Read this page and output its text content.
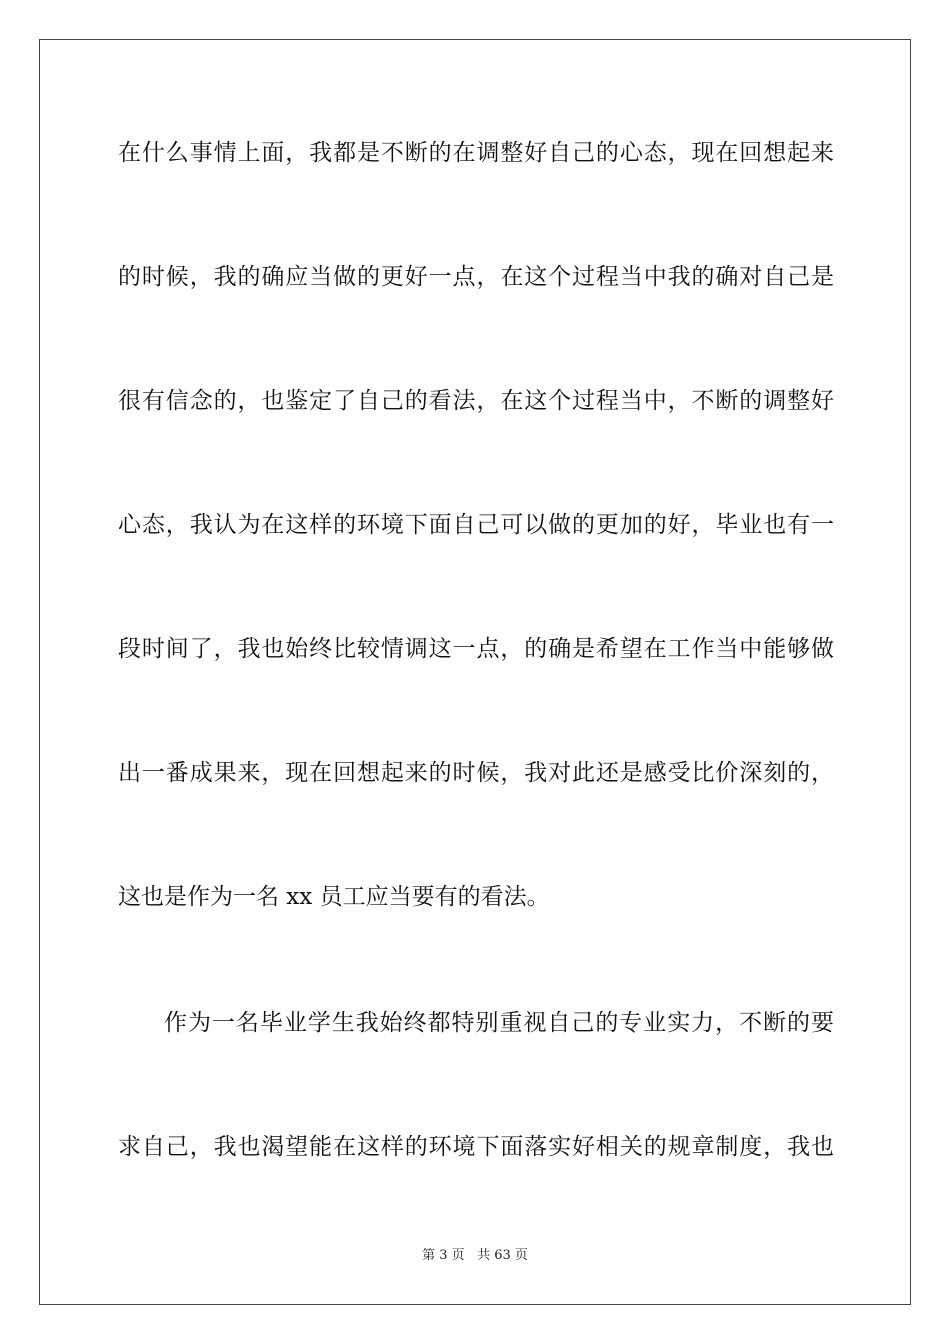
在什么事情上面，我都是不断的在调整好自己的心态，现在回想起来
的时候，我的确应当做的更好一点，在这个过程当中我的确对自己是
很有信念的，也鉴定了自己的看法，在这个过程当中，不断的调整好
心态，我认为在这样的环境下面自己可以做的更加的好，毕业也有一
段时间了，我也始终比较情调这一点，的确是希望在工作当中能够做
出一番成果来，现在回想起来的时候，我对此还是感受比价深刻的，
这也是作为一名 xx 员工应当要有的看法。
作为一名毕业学生我始终都特别重视自己的专业实力，不断的要
求自己，我也渴望能在这样的环境下面落实好相关的规章制度，我也
第 3 页 共 63 页
